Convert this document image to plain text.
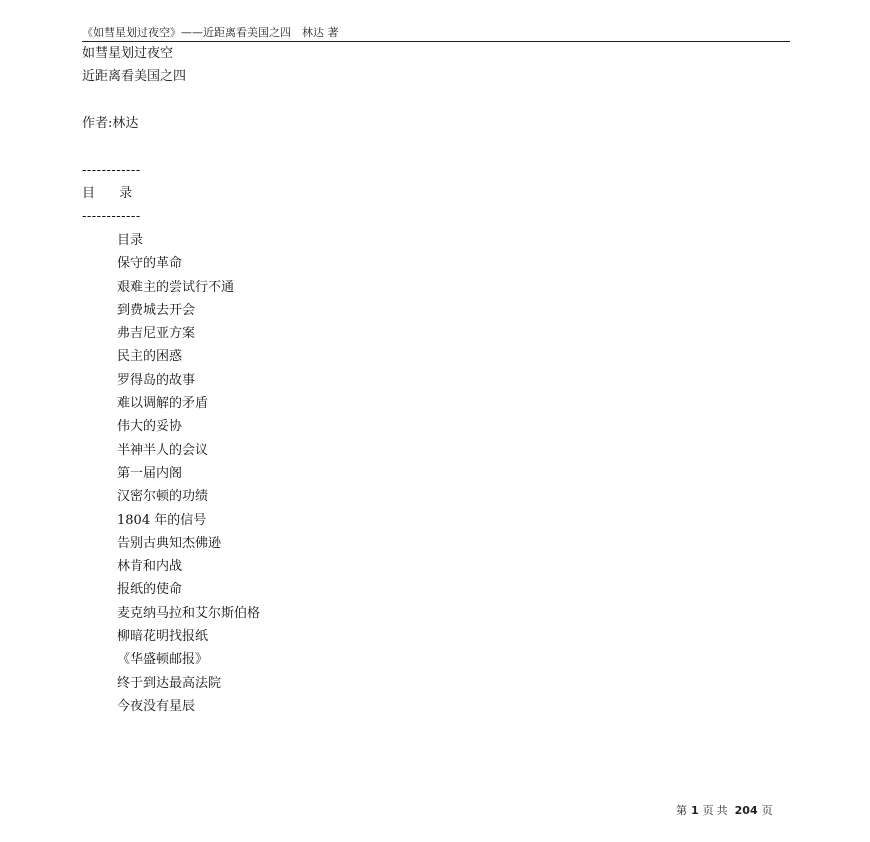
《如彗星划过夜空》——近距离看美国之四　林达 著
如彗星划过夜空
近距离看美国之四
作者:林达
------------
目 录
------------
目录
保守的革命
艰难主的尝试行不通
到费城去开会
弗吉尼亚方案
民主的困惑
罗得岛的故事
难以调解的矛盾
伟大的妥协
半神半人的会议
第一届内阁
汉密尔顿的功绩
1804 年的信号
告别古典知杰佛逊
林肯和内战
报纸的使命
麦克纳马拉和艾尔斯伯格
柳暗花明找报纸
《华盛顿邮报》
终于到达最高法院
今夜没有星辰
第 1 页 共 204 页
